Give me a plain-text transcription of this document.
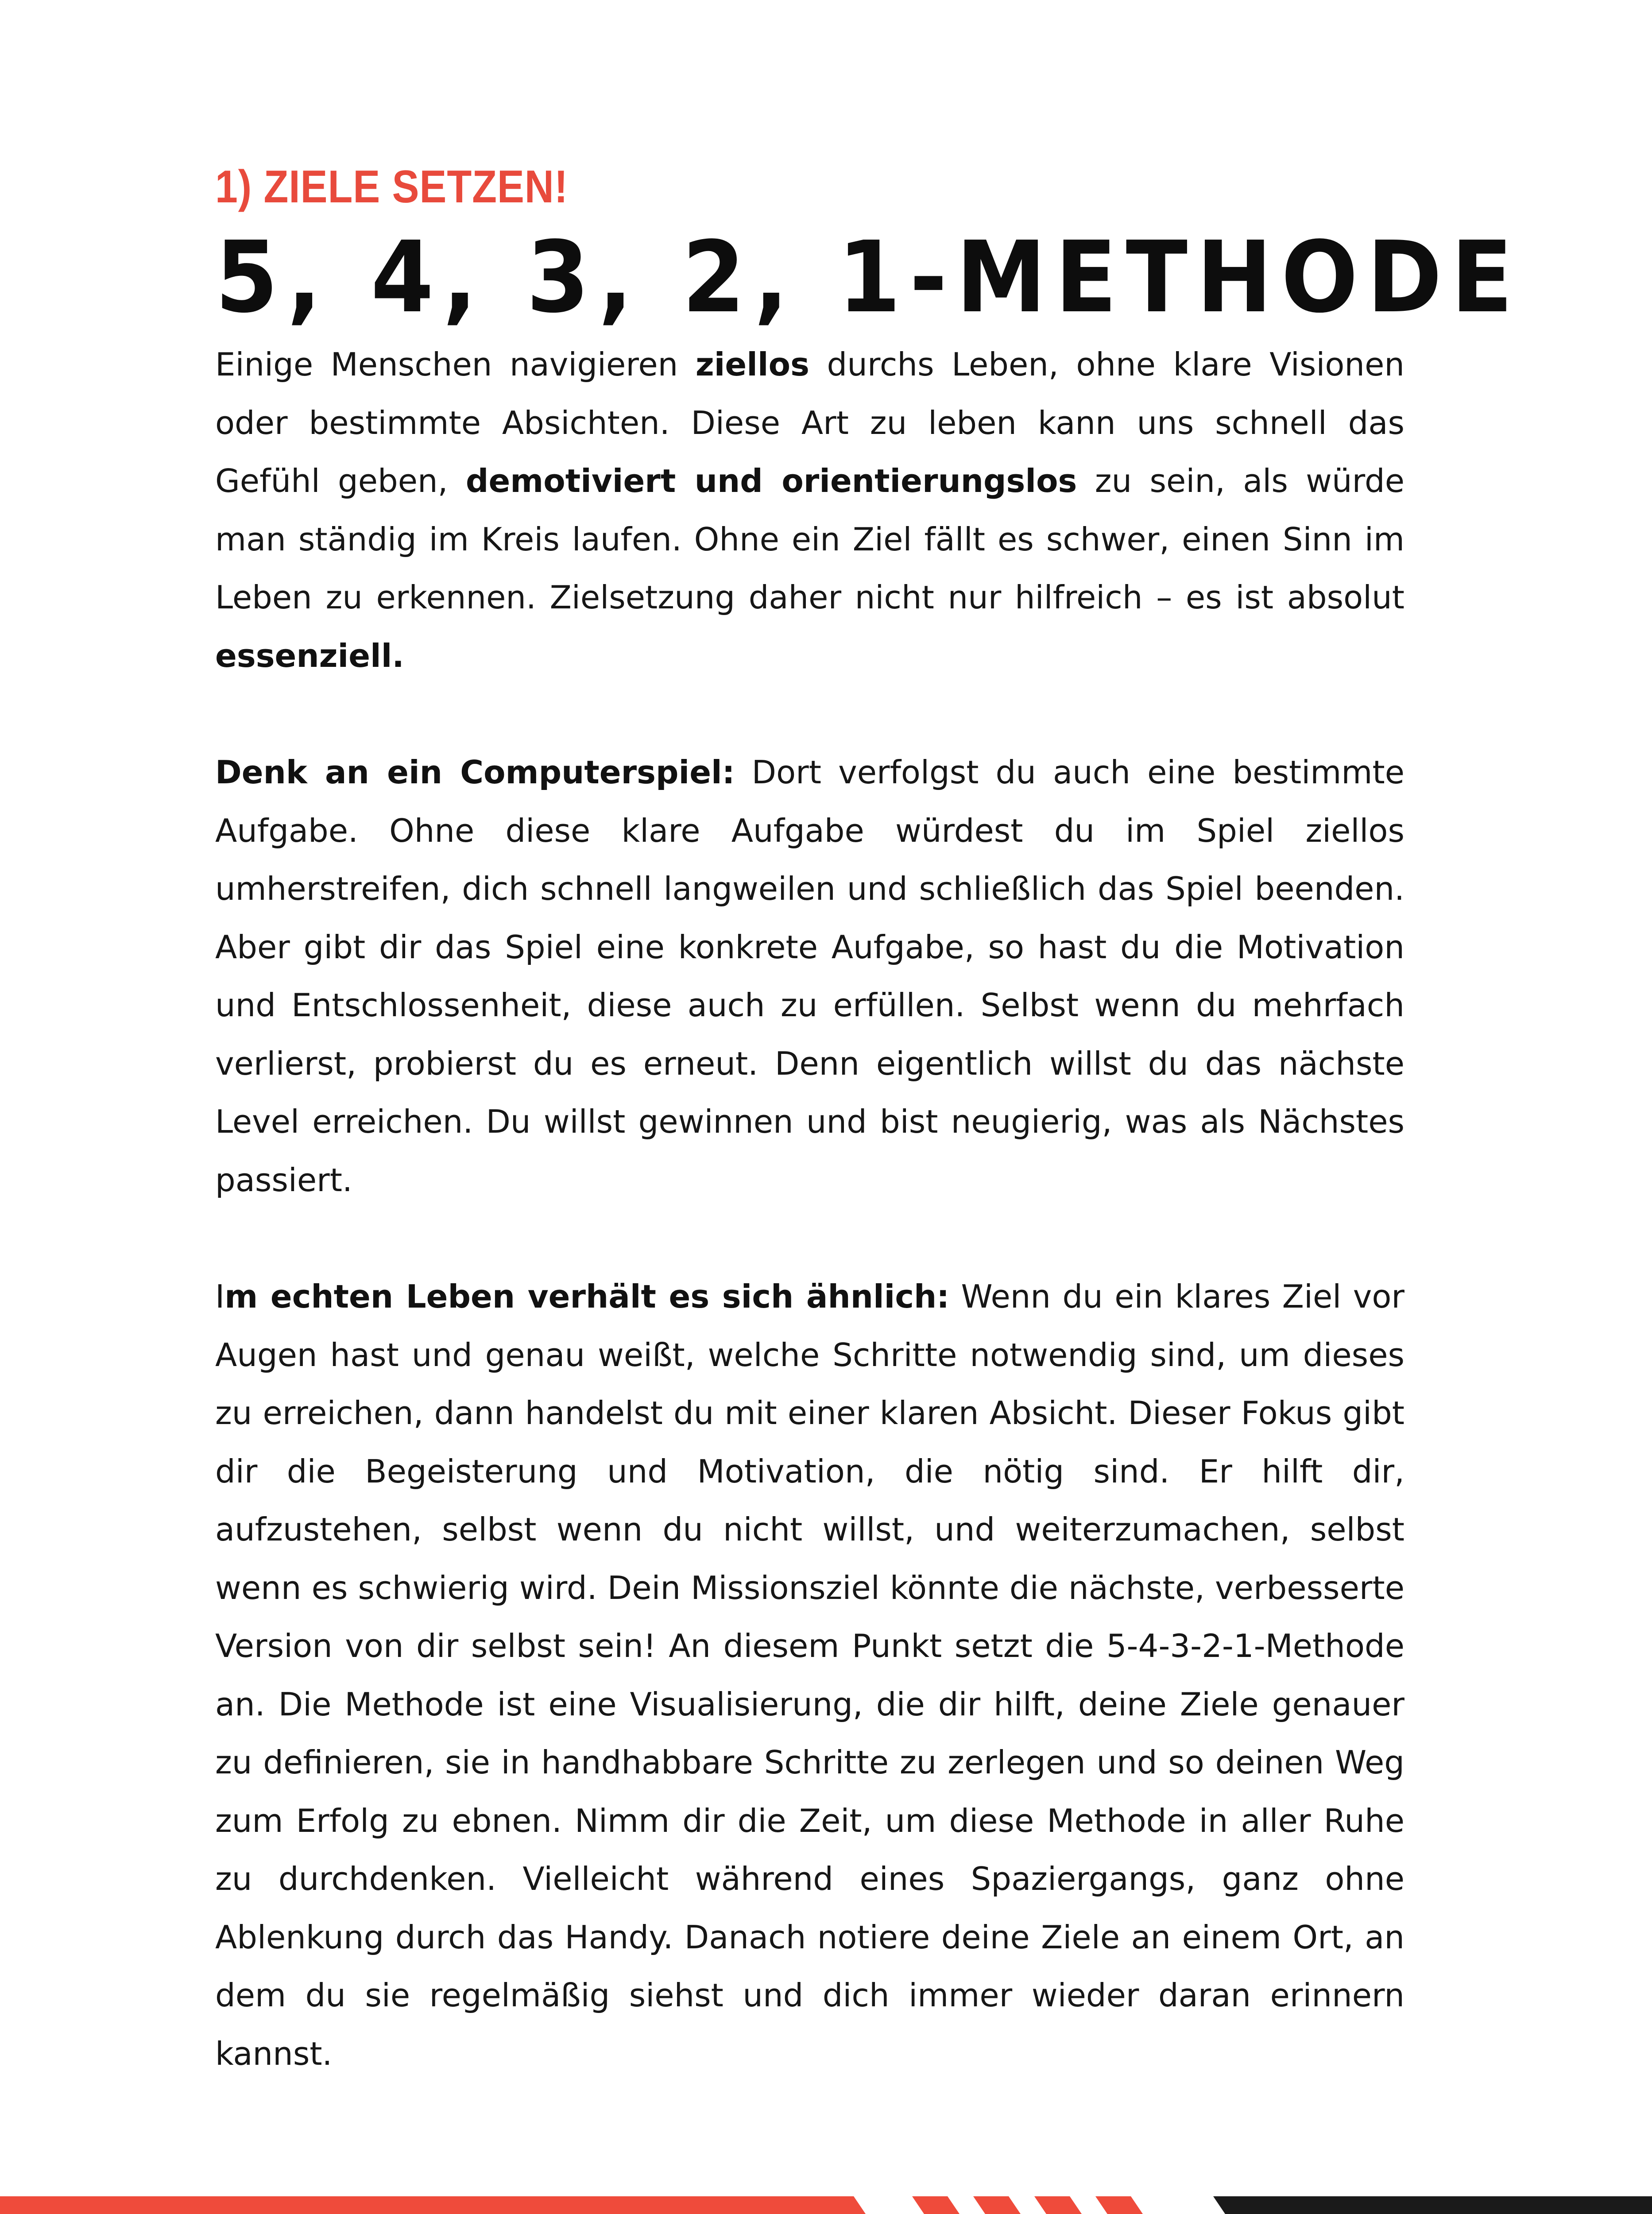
1) ZIELE SETZEN!
5, 4, 3, 2, 1-METHODE

Einige Menschen navigieren ziellos durchs Leben, ohne klare Visionen oder bestimmte Absichten. Diese Art zu leben kann uns schnell das Gefühl geben, demotiviert und orientierungslos zu sein, als würde man ständig im Kreis laufen. Ohne ein Ziel fällt es schwer, einen Sinn im Leben zu erkennen. Zielsetzung daher nicht nur hilfreich – es ist absolut essenziell.

Denk an ein Computerspiel: Dort verfolgst du auch eine bestimmte Aufgabe. Ohne diese klare Aufgabe würdest du im Spiel ziellos umherstreifen, dich schnell langweilen und schließlich das Spiel beenden. Aber gibt dir das Spiel eine konkrete Aufgabe, so hast du die Motivation und Entschlossenheit, diese auch zu erfüllen. Selbst wenn du mehrfach verlierst, probierst du es erneut. Denn eigentlich willst du das nächste Level erreichen. Du willst gewinnen und bist neugierig, was als Nächstes passiert.

Im echten Leben verhält es sich ähnlich: Wenn du ein klares Ziel vor Augen hast und genau weißt, welche Schritte notwendig sind, um dieses zu erreichen, dann handelst du mit einer klaren Absicht. Dieser Fokus gibt dir die Begeisterung und Motivation, die nötig sind. Er hilft dir, aufzustehen, selbst wenn du nicht willst, und weiterzumachen, selbst wenn es schwierig wird. Dein Missionsziel könnte die nächste, verbesserte Version von dir selbst sein! An diesem Punkt setzt die 5-4-3-2-1-Methode an. Die Methode ist eine Visualisierung, die dir hilft, deine Ziele genauer zu definieren, sie in handhabbare Schritte zu zerlegen und so deinen Weg zum Erfolg zu ebnen. Nimm dir die Zeit, um diese Methode in aller Ruhe zu durchdenken. Vielleicht während eines Spaziergangs, ganz ohne Ablenkung durch das Handy. Danach notiere deine Ziele an einem Ort, an dem du sie regelmäßig siehst und dich immer wieder daran erinnern kannst.
